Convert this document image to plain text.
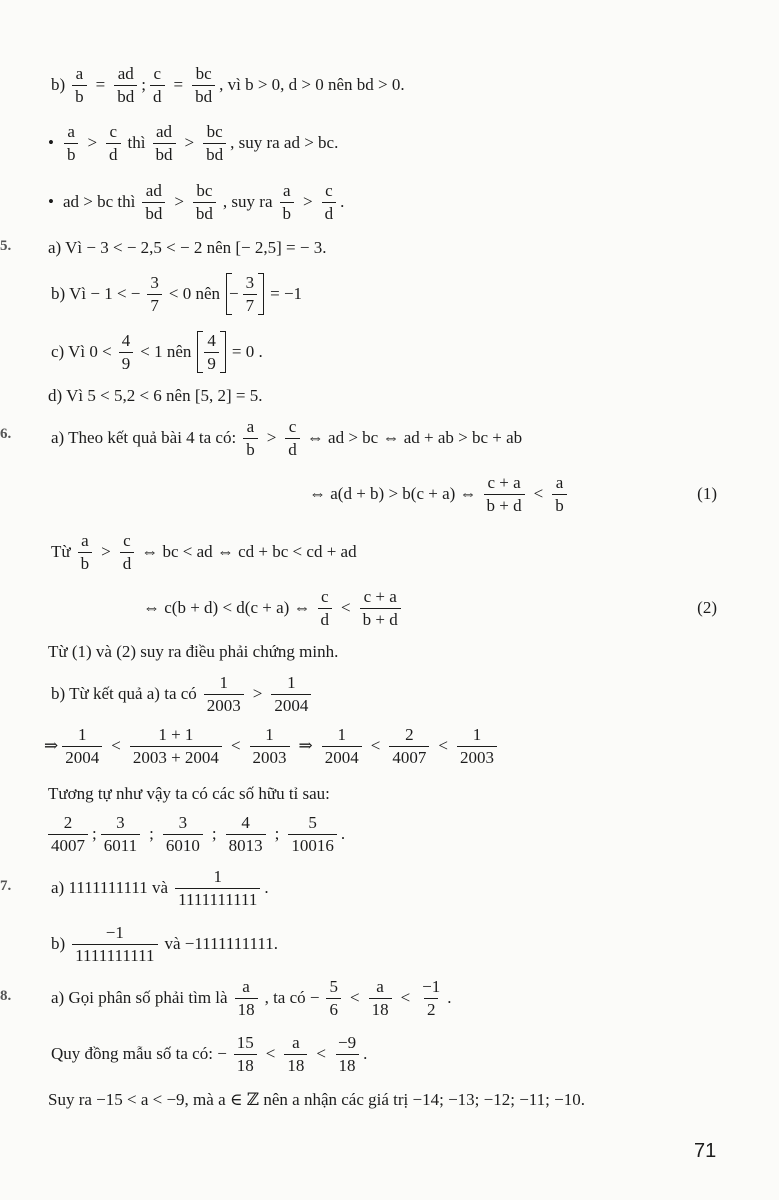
$b) \frac{a}{b} = \frac{ad}{bd}$ ; $\frac{c}{d} = \frac{bc}{bd}$ , vì b > 0, d > 0 nên bd > 0.
• $\frac{a}{b} > \frac{c}{d}$ thì $\frac{ad}{bd} > \frac{bc}{bd}$ , suy ra ad > bc.
• ad > bc thì $\frac{ad}{bd} > \frac{bc}{bd}$ , suy ra $\frac{a}{b} > \frac{c}{d}$ .
5. a) Vì − 3 < − 2,5 < − 2 nên [− 2,5] = − 3.
b) Vì − 1 < − $\frac{3}{7} < 0$ nên − $\frac{3}{7} = -1$
c) Vì $0 < \frac{4}{9} < 1$ nên $\frac{4}{9} = 0$ .
d) Vì 5 < 5,2 < 6 nên [5, 2] = 5.
6. a) Theo kết quả bài 4 ta có: $\frac{a}{b} > \frac{c}{d}$ ⇔ ad > bc ⇔ ad + ab > bc + ab
⇔ a(d + b) > b(c + a) ⇔ $\frac{c + a}{b + d} < \frac{a}{b}$	(1)
Từ $\frac{a}{b} > \frac{c}{d}$ ⇔ bc < ad ⇔ cd + bc < cd + ad
⇔ c(b + d) < d(c + a) ⇔ $\frac{c}{d} < \frac{c + a}{b + d}$	(2)
Từ (1) và (2) suy ra điều phải chứng minh.
b) Từ kết quả a) ta có $\frac{1}{2003} > \frac{1}{2004}$
⇒ $\frac{1}{2004} < \frac{1 + 1}{2003 + 2004} < \frac{1}{2003}$ ⇒ $\frac{1}{2004} < \frac{2}{4007} < \frac{1}{2003}$
Tương tự như vậy ta có các số hữu tỉ sau:
$\frac{2}{4007}$ ; $\frac{3}{6011}$ ; $\frac{3}{6010}$ ; $\frac{4}{8013}$ ; $\frac{5}{10016}$ .
7. a) 1111111111 và $\frac{1}{1111111111}$ .
$b) \frac{-1}{1111111111}$ và −1111111111.
8. a) Gọi phân số phải tìm là $\frac{a}{18}$ , ta có − $\frac{5}{6} < \frac{a}{18} < \frac{-1}{2}$ .
Quy đồng mẫu số ta có: − $\frac{15}{18} < \frac{a}{18} < \frac{-9}{18}$ .
Suy ra −15 < a < −9, mà a ∈ ℤ nên a nhận các giá trị −14; −13; −12; −11; −10.
71
